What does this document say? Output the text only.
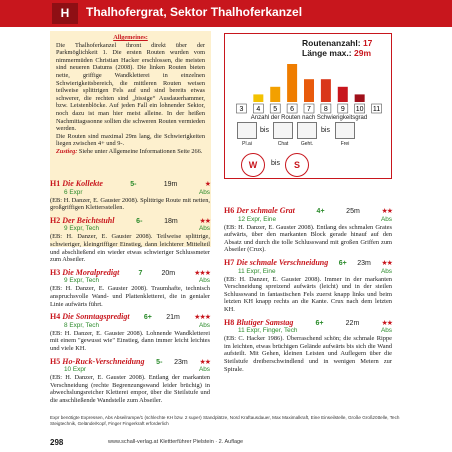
H	Thalhofergrat, Sektor Thalhoferkanzel
Allgemeines:

Die Thalhoferkanzel thront direkt über der Parkmöglichkeit 1. Die ersten Routen wurden vom nimmermüden Christian Hacker erschlossen, die meisten sind neueren Datums (2008). Die linken Routen bieten nette, griffige Wandkletterei in einzelnen Schwierigkeitsbereich, die mittleren Routen weisen teilweise splittrigen Fels auf und sind bereits etwas schwerer, die rechten sind „bissige“ Ausdauerhammer, bzw. Leistenblöcke. Auf jeden Fall ein lohnender Sektor, noch dazu ist man hier meist alleine. In der heißen Nachmittagssonne sollten die schweren Routen vermieden werden.

Die Routen sind maximal 29m lang, die Schwierigkeiten liegen zwischen 4+ und 9-.

Zustieg: Siehe unter Allgemeine Informationen Seite 266.

Routenanzahl: 17
Länge max.: 29m
3 4 5 6 7 8 9 10 11
Anzahl der Routen nach Schwierigkeitsgrad
Pl.ai
bis
Chat	Geht.
bis
Frei
W	bis	S
H1 Die Kollekte	5-	19m	★
6 Expr	Abs
(EB: H. Danzer, E. Gauster 2008). Splittrige Route mit netten, großgriffigen Klettersstellen.
H2 Der Beichtstuhl	6-	18m	★★
9 Expr, Tech	Abs
(EB: H. Danzer, E. Gauster 2008). Teilweise splittrige, schwieriger, kleingriffiger Einstieg, dann leichterer Mittelteil und abschließend ein wieder etwas schwieriger Schlussmeter zum Abseiler.
H3 Die Moralpredigt	7	20m	★★★
9 Expr, Tech	Abs
(EB: H. Danzer, E. Gauster 2008). Traumhafte, technisch anspruchsvolle Wand- und Plattenkletterei, die in genialer Linie aufwärts führt.
H4 Die Sonntagspredigt 6+ 21m ★★★
8 Expr, Tech	Abs
(EB: H. Danzer, E. Gauster 2008). Lohnende Wandkletterei mit einem "gewusst wie" Einstieg, dann immer leicht leichtes und viele KH.
H5 Ho-Ruck-Verschneidung 5- 23m ★★
10 Expr	Abs
(EB: H. Danzer, E. Gauster 2008). Entlang der markanten Verschneidung (rechte Begrenzungswand leider brüchig) in abwechslungsreicher Kletterei empor, über die Steilstufe und die anschließende Wandstelle zum Abseiler.
H6 Der schmale Grat	4+	25m	★★
12 Expr, Eine	Abs
(EB: H. Danzer, E. Gauster 2008). Entlang des schmalen Grates aufwärts, über den markanten Block gerade hinauf auf den Absatz und durch die tolle Schlusswand mit großen Griffen zum Abseiler (Crux).
H7 Die schmale Verschneidung 6+ 23m ★★
11 Expr, Eine	Abs
(EB: H. Danzer, E. Gauster 2008). Immer in der markanten Verschneidung spreizend aufwärts (leicht) und in der steilen Schlusswand in fantastischen Fels zuerst knapp links und beim letzten KH knapp rechts an die Kante. Crux nach dem letzten KH.
H8 Blutiger Samstag	6+	22m	★★
11 Expr, Finger, Tech	Abs
(EB: C. Hacker 1986). Überraschend schön; die schmale Rippe im leichten, etwas brüchigen Gelände aufwärts bis sich die Wand aufsteilt. Mit Gehen, kleinen Leisten und Auflegern über die Steilstufe dreiberschwindlend und in wenigen Metern zur Spirale.
Expr benötigte Expressen, Abs Abseilrampe/1 (schlechte KH bzw. 2 super) Standplätze, Nord Kraftausdauer, Max Maximalkraft, Eine Einseilstelle, Große Großzöttelle, Tech Steigtechnik, Gelände/Kopf, Finger Fingerkraft erforderlich
298	www.schall-verlag.at Klettterführer Pielstein · 2. Auflage
